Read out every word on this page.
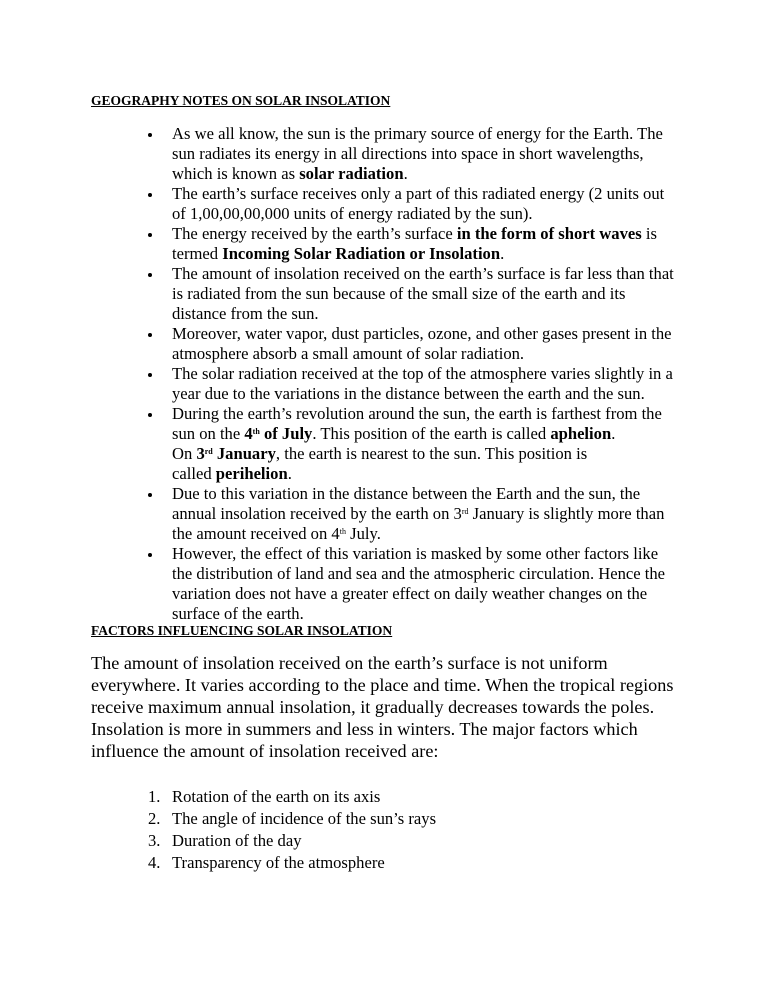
GEOGRAPHY NOTES ON SOLAR INSOLATION
As we all know, the sun is the primary source of energy for the Earth. The sun radiates its energy in all directions into space in short wavelengths, which is known as solar radiation.
The earth’s surface receives only a part of this radiated energy (2 units out of 1,00,00,00,000 units of energy radiated by the sun).
The energy received by the earth’s surface in the form of short waves is termed Incoming Solar Radiation or Insolation.
The amount of insolation received on the earth’s surface is far less than that is radiated from the sun because of the small size of the earth and its distance from the sun.
Moreover, water vapor, dust particles, ozone, and other gases present in the atmosphere absorb a small amount of solar radiation.
The solar radiation received at the top of the atmosphere varies slightly in a year due to the variations in the distance between the earth and the sun.
During the earth’s revolution around the sun, the earth is farthest from the sun on the 4th of July. This position of the earth is called aphelion.
On 3rd January, the earth is nearest to the sun. This position is
called perihelion.
Due to this variation in the distance between the Earth and the sun, the annual insolation received by the earth on 3rd January is slightly more than the amount received on 4th July.
However, the effect of this variation is masked by some other factors like the distribution of land and sea and the atmospheric circulation. Hence the variation does not have a greater effect on daily weather changes on the surface of the earth.
FACTORS INFLUENCING SOLAR INSOLATION

The amount of insolation received on the earth’s surface is not uniform everywhere. It varies according to the place and time. When the tropical regions receive maximum annual insolation, it gradually decreases towards the poles. Insolation is more in summers and less in winters. The major factors which influence the amount of insolation received are:

1. Rotation of the earth on its axis
2. The angle of incidence of the sun’s rays
3. Duration of the day
4. Transparency of the atmosphere
